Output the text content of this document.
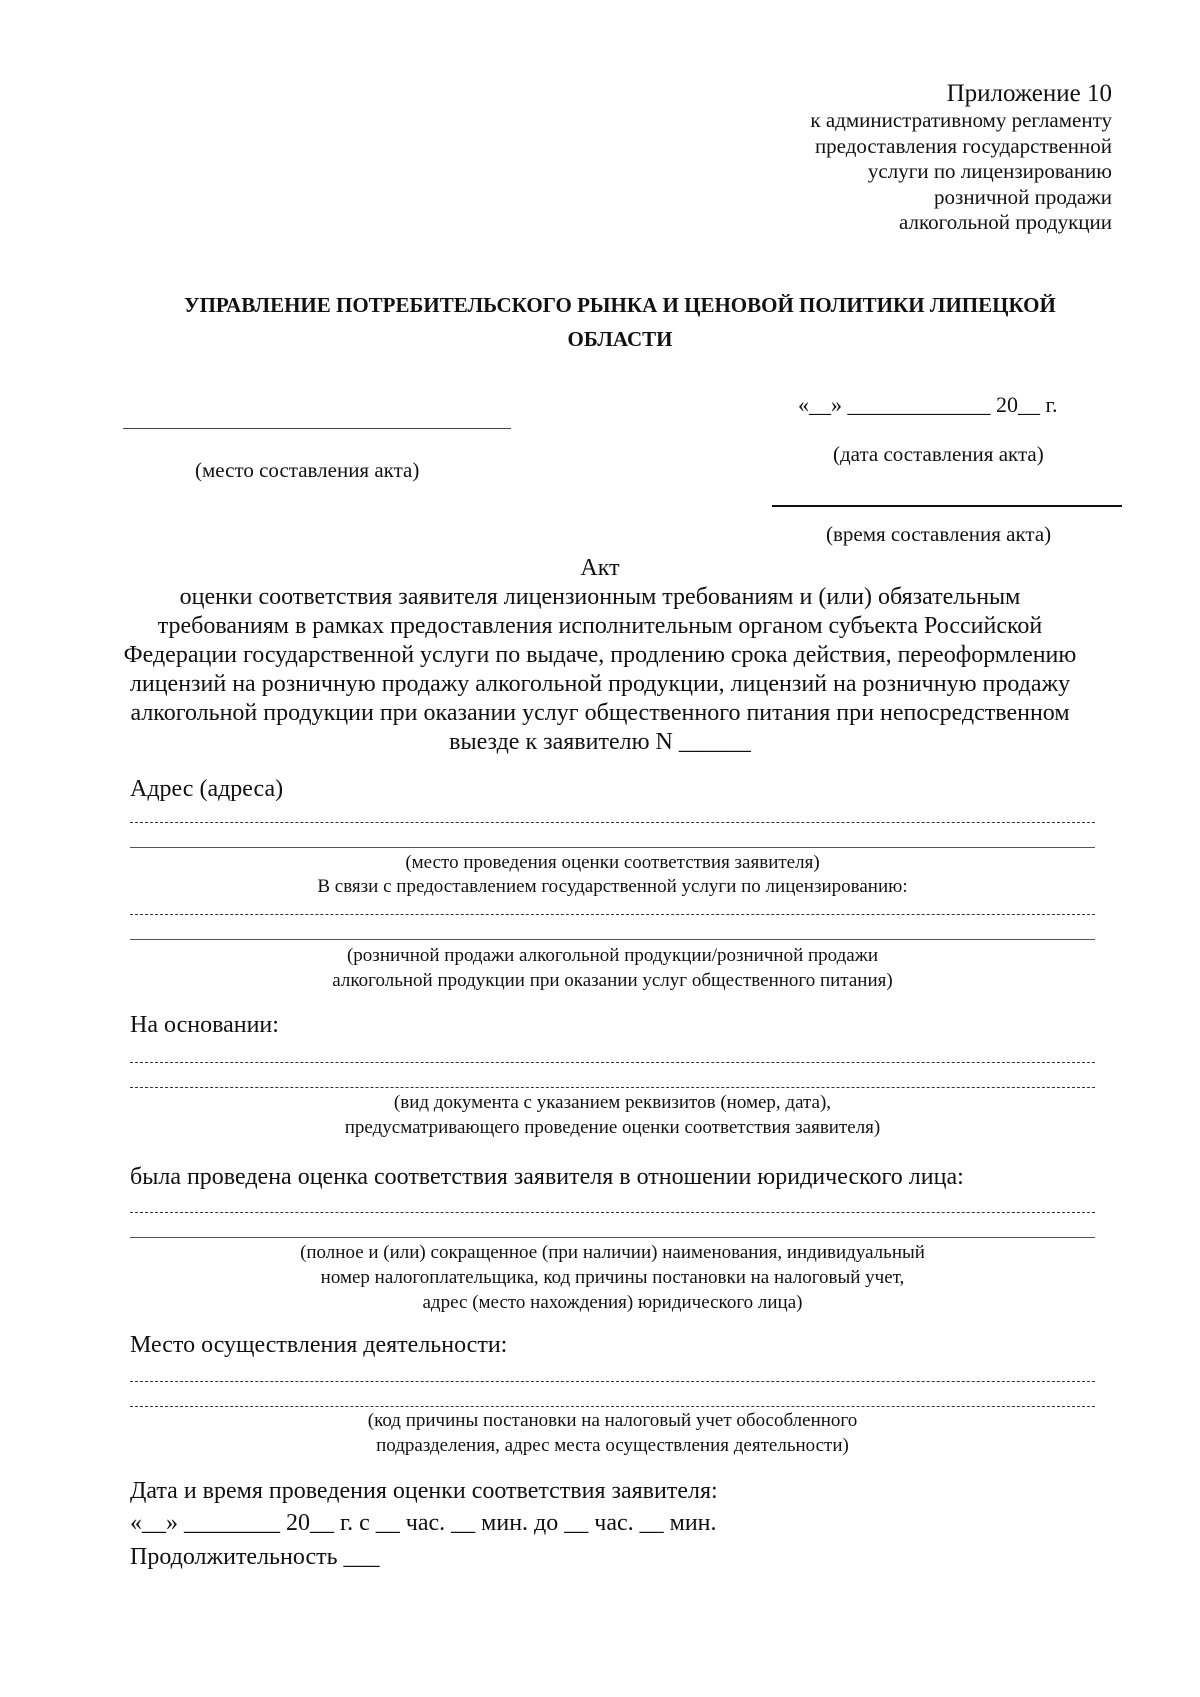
Приложение 10
к административному регламенту
предоставления государственной
услуги по лицензированию
розничной продажи
алкогольной продукции
УПРАВЛЕНИЕ ПОТРЕБИТЕЛЬСКОГО РЫНКА И ЦЕНОВОЙ ПОЛИТИКИ ЛИПЕЦКОЙ
ОБЛАСТИ
«__» _____________ 20__ г.
(место составления акта)
(дата составления акта)
(время составления акта)
Акт
оценки соответствия заявителя лицензионным требованиям и (или) обязательным
требованиям в рамках предоставления исполнительным органом субъекта Российской
Федерации государственной услуги по выдаче, продлению срока действия, переоформлению
лицензий на розничную продажу алкогольной продукции, лицензий на розничную продажу
алкогольной продукции при оказании услуг общественного питания при непосредственном
выезде к заявителю N ______
Адрес (адреса)
(место проведения оценки соответствия заявителя)
В связи с предоставлением государственной услуги по лицензированию:
(розничной продажи алкогольной продукции/розничной продажи
алкогольной продукции при оказании услуг общественного питания)
На основании:
(вид документа с указанием реквизитов (номер, дата),
предусматривающего проведение оценки соответствия заявителя)
была проведена оценка соответствия заявителя в отношении юридического лица:
(полное и (или) сокращенное (при наличии) наименования, индивидуальный
номер налогоплательщика, код причины постановки на налоговый учет,
адрес (место нахождения) юридического лица)
Место осуществления деятельности:
(код причины постановки на налоговый учет обособленного
подразделения, адрес места осуществления деятельности)
Дата и время проведения оценки соответствия заявителя:
«__» ________ 20__ г. с __ час. __ мин. до __ час. __ мин.
Продолжительность ___
